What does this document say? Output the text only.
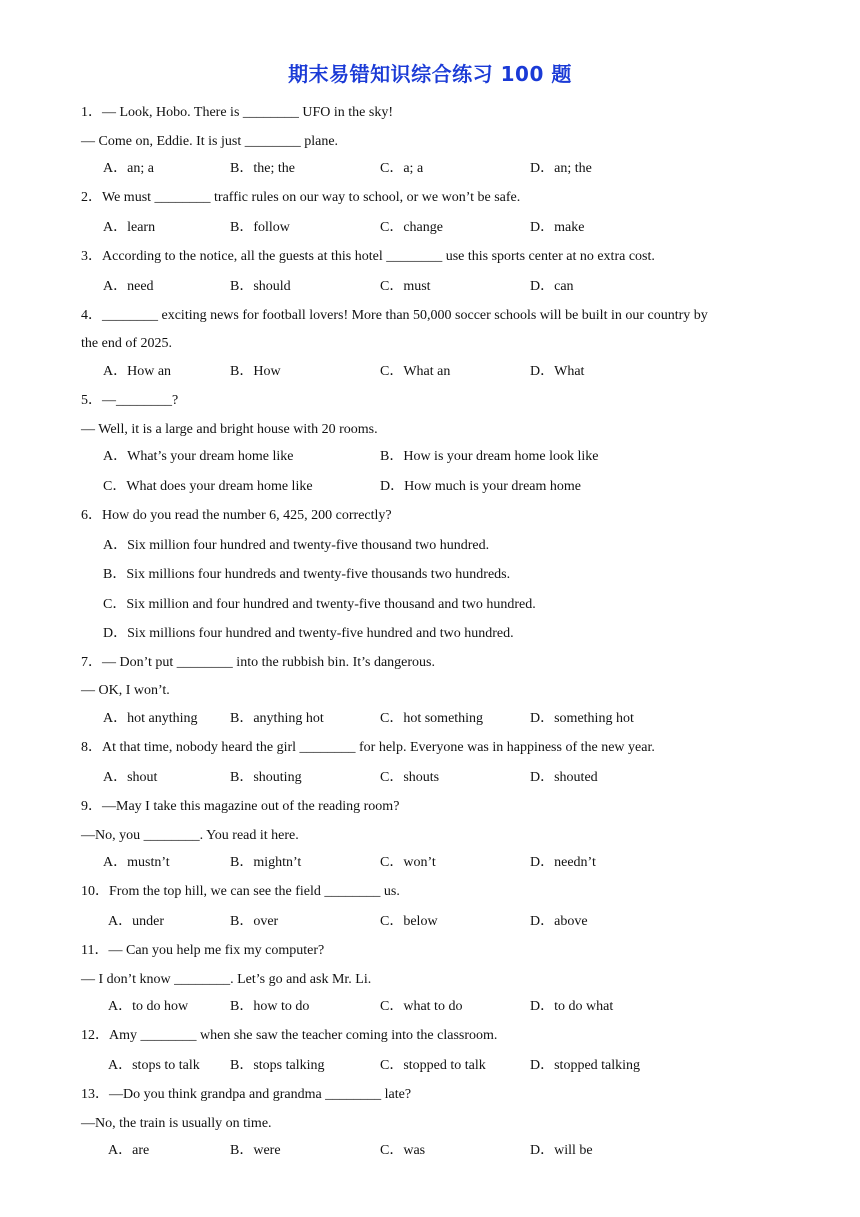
期末易错知识综合练习 100 题
1．— Look, Hobo. There is ________ UFO in the sky!
— Come on, Eddie. It is just ________ plane.
A．an; a	B．the; the	C．a; a	D．an; the
2．We must ________ traffic rules on our way to school, or we won’t be safe.
A．learn	B．follow	C．change	D．make
3．According to the notice, all the guests at this hotel ________ use this sports center at no extra cost.
A．need	B．should	C．must	D．can
4．________ exciting news for football lovers! More than 50,000 soccer schools will be built in our country by
the end of 2025.
A．How an	B．How	C．What an	D．What
5．—________?
— Well, it is a large and bright house with 20 rooms.
A．What’s your dream home like	B．How is your dream home look like
C．What does your dream home like	D．How much is your dream home
6．How do you read the number 6, 425, 200 correctly?
A．Six million four hundred and twenty-five thousand two hundred.
B．Six millions four hundreds and twenty-five thousands two hundreds.
C．Six million and four hundred and twenty-five thousand and two hundred.
D．Six millions four hundred and twenty-five hundred and two hundred.
7．— Don’t put ________ into the rubbish bin. It’s dangerous.
— OK, I won’t.
A．hot anything B．anything hot	C．hot something	D．something hot
8．At that time, nobody heard the girl ________ for help. Everyone was in happiness of the new year.
A．shout	B．shouting	C．shouts	D．shouted
9．—May I take this magazine out of the reading room?
—No, you ________. You read it here.
A．mustn’t	B．mightn’t	C．won’t	D．needn’t
10．From the top hill, we can see the field ________ us.
A．under	B．over	C．below	D．above
11．— Can you help me fix my computer?
— I don’t know ________. Let’s go and ask Mr. Li.
A．to do how	B．how to do	C．what to do	D．to do what
12．Amy ________ when she saw the teacher coming into the classroom.
A．stops to talk B．stops talking	C．stopped to talk	D．stopped talking
13．—Do you think grandpa and grandma ________ late?
—No, the train is usually on time.
A．are	B．were	C．was	D．will be
